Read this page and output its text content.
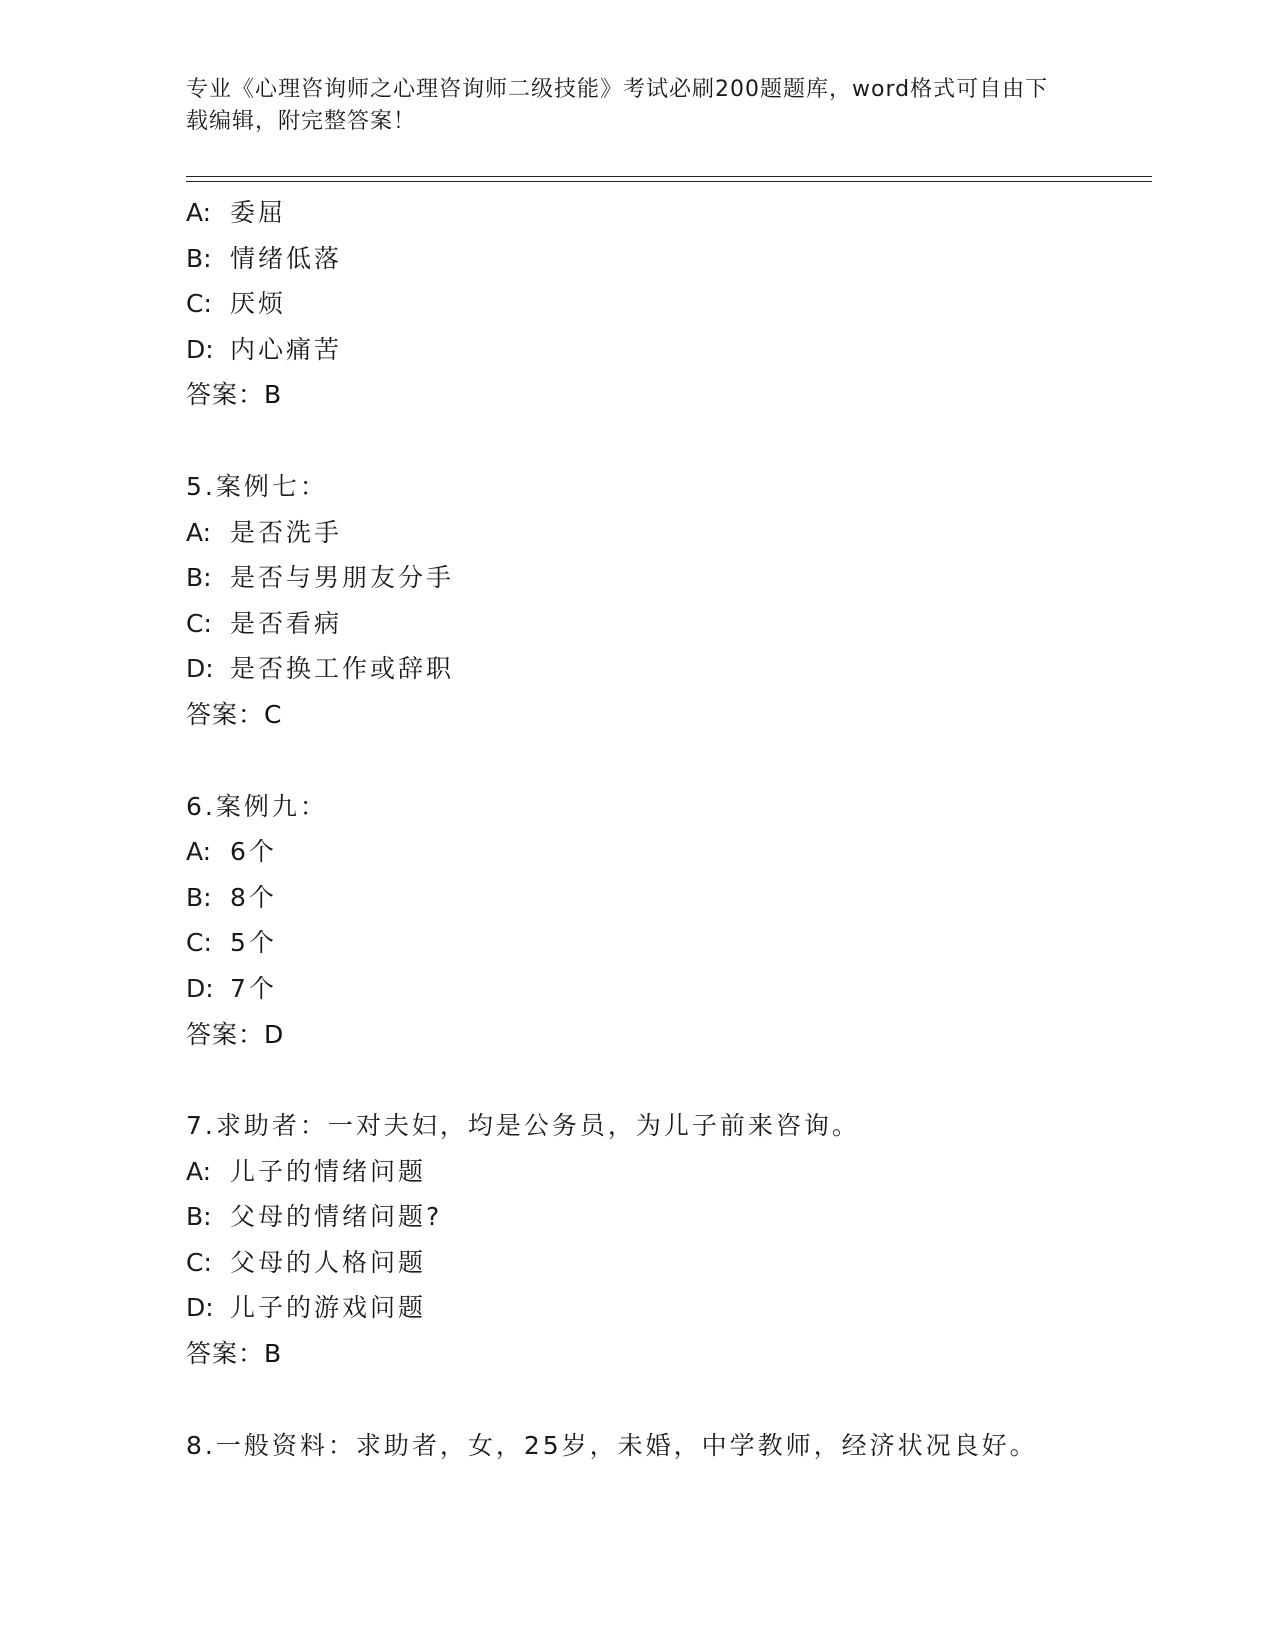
专业《心理咨询师之心理咨询师二级技能》考试必刷200题题库，word格式可自由下载编辑，附完整答案！
A: 委屈
B: 情绪低落
C: 厌烦
D: 内心痛苦
答案：B
5.案例七：
A: 是否洗手
B: 是否与男朋友分手
C: 是否看病
D: 是否换工作或辞职
答案：C
6.案例九：
A: 6个
B: 8个
C: 5个
D: 7个
答案：D
7.求助者：一对夫妇，均是公务员，为儿子前来咨询。
A: 儿子的情绪问题
B: 父母的情绪问题?
C: 父母的人格问题
D: 儿子的游戏问题
答案：B
8.一般资料：求助者，女，25岁，未婚，中学教师，经济状况良好。
